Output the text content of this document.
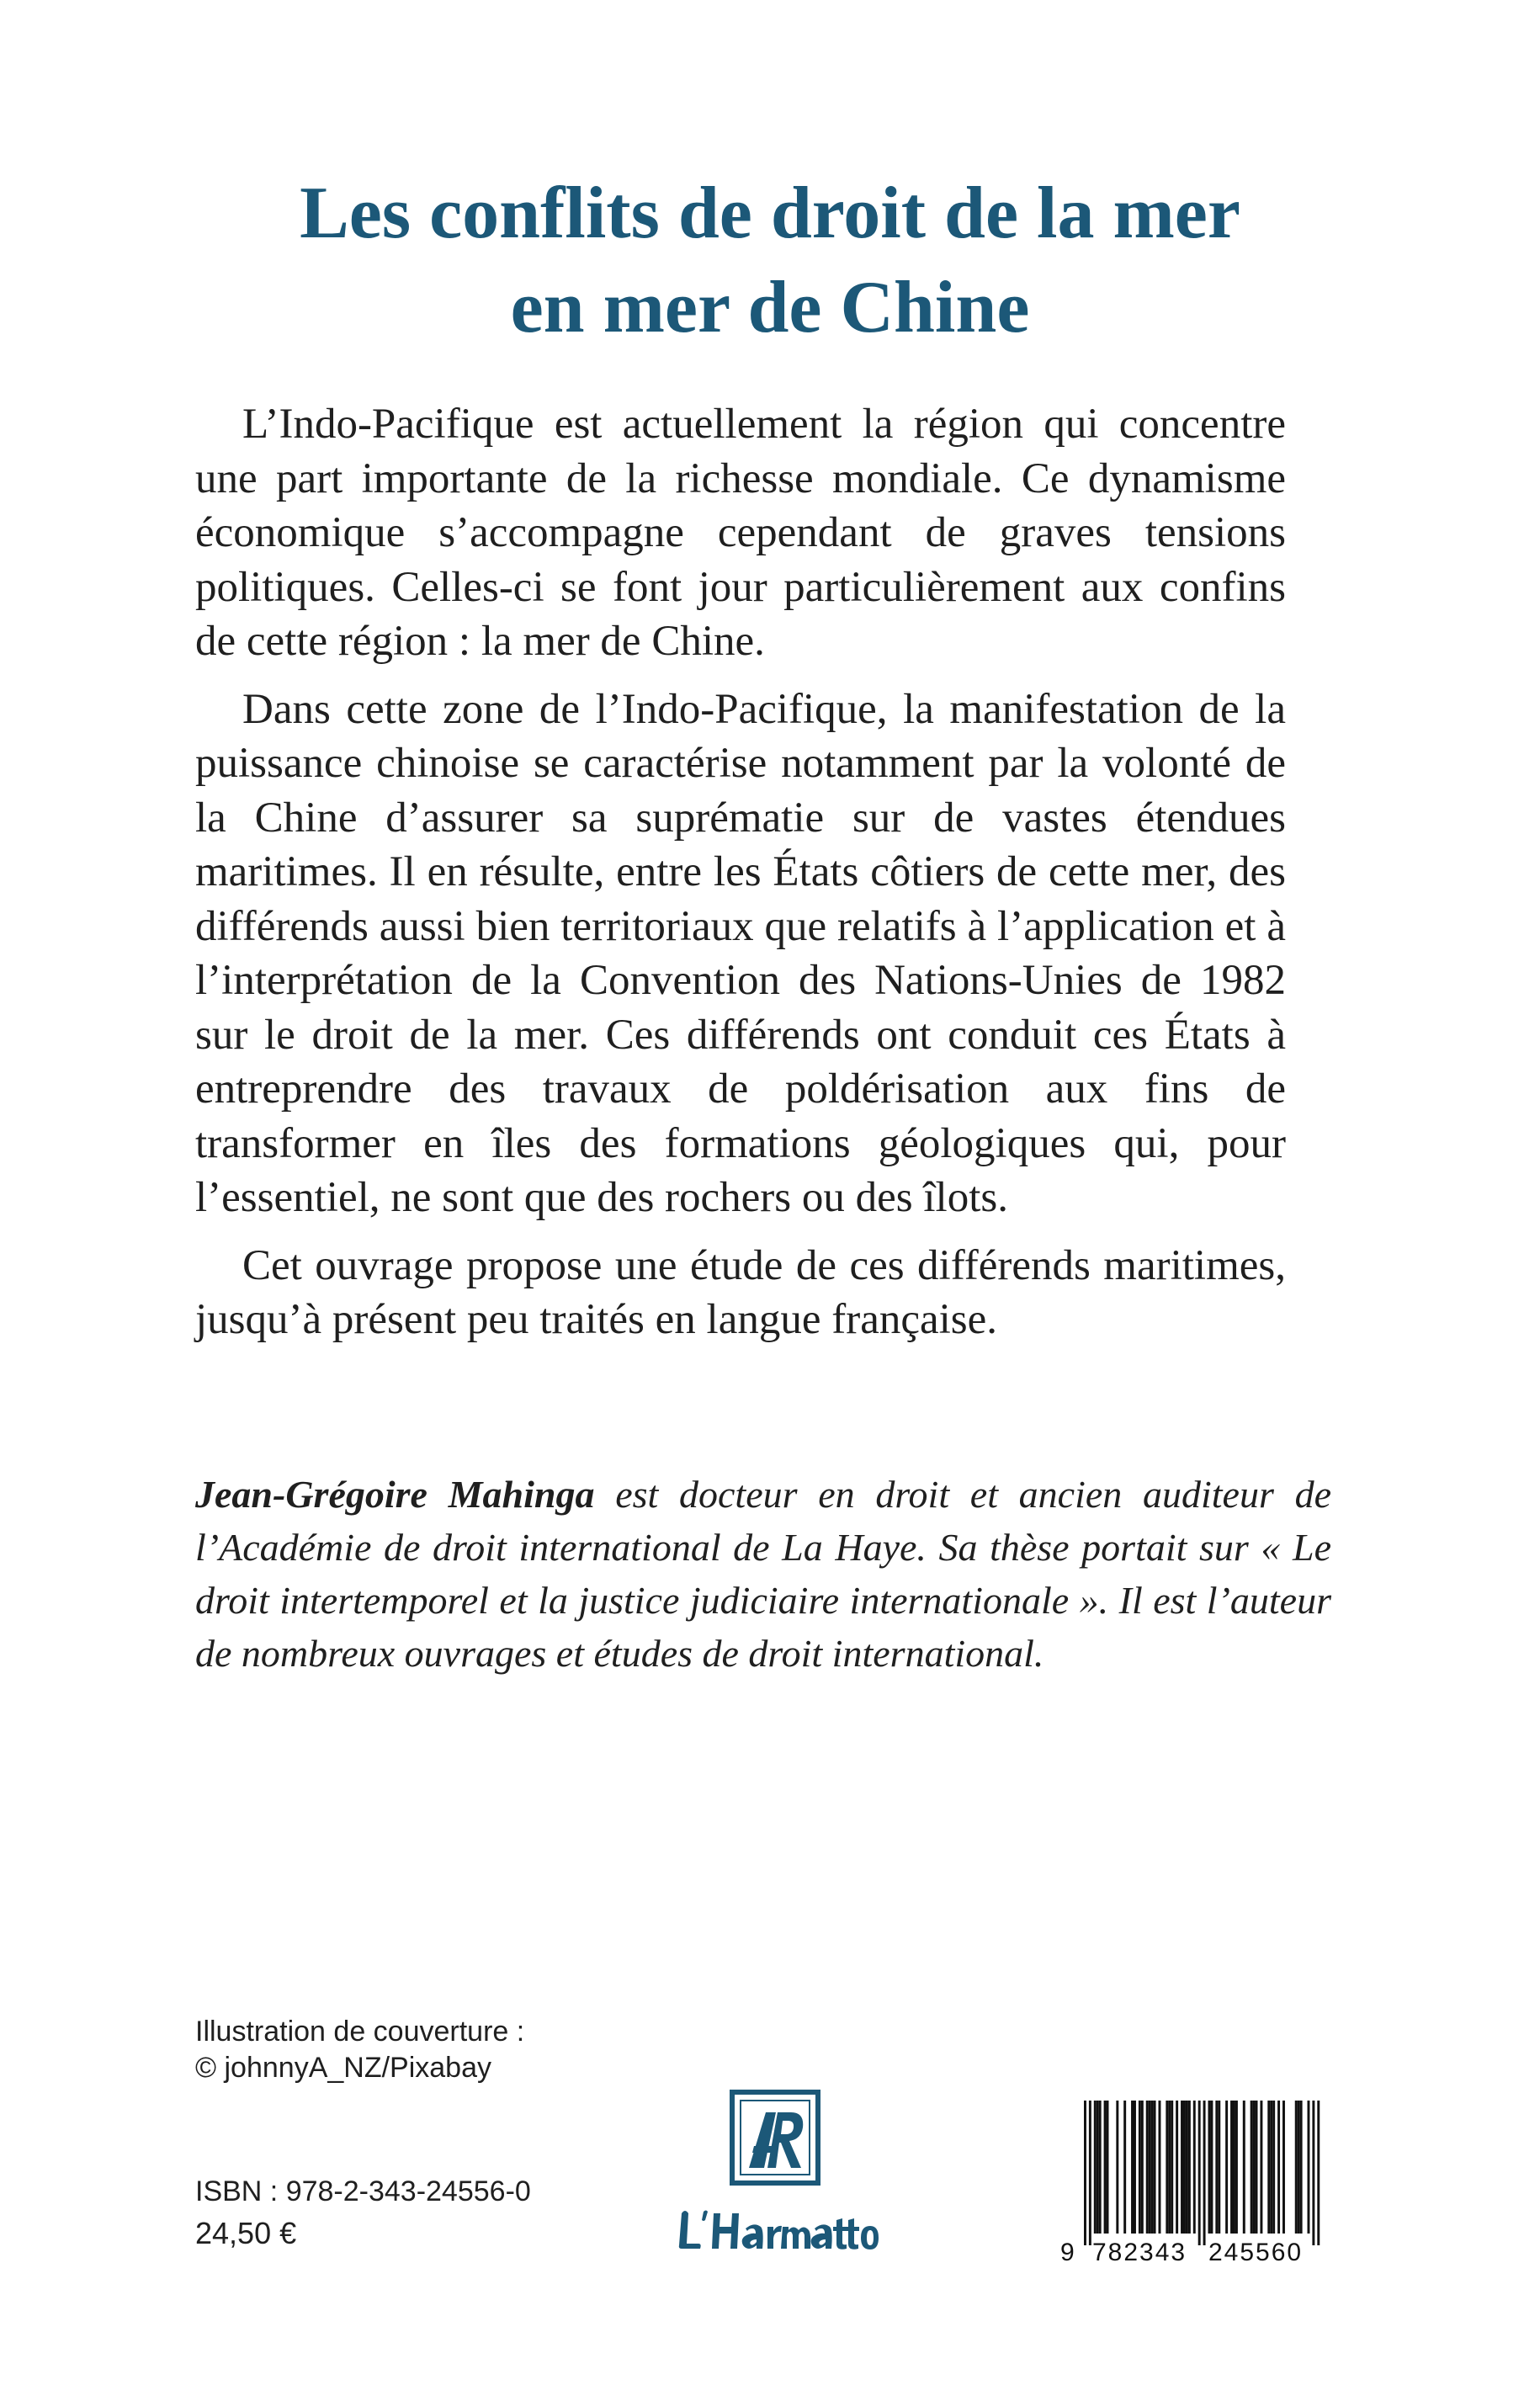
Les conflits de droit de la mer
en mer de Chine

L’Indo-Pacifique est actuellement la région qui concentre une part importante de la richesse mondiale. Ce dynamisme économique s’accompagne cependant de graves tensions politiques. Celles-ci se font jour particulièrement aux confins de cette région : la mer de Chine.

Dans cette zone de l’Indo-Pacifique, la manifestation de la puissance chinoise se caractérise notamment par la volonté de la Chine d’assurer sa suprématie sur de vastes étendues maritimes. Il en résulte, entre les États côtiers de cette mer, des différends aussi bien territoriaux que relatifs à l’application et à l’interprétation de la Convention des Nations-Unies de 1982 sur le droit de la mer. Ces différends ont conduit ces États à entreprendre des travaux de poldérisation aux fins de transformer en îles des formations géologiques qui, pour l’essentiel, ne sont que des rochers ou des îlots.

Cet ouvrage propose une étude de ces différends maritimes, jusqu’à présent peu traités en langue française.

Jean-Grégoire Mahinga est docteur en droit et ancien auditeur de l’Académie de droit international de La Haye. Sa thèse portait sur « Le droit intertemporel et la justice judiciaire internationale ». Il est l’auteur de nombreux ouvrages et études de droit international.

Illustration de couverture :
© johnnyA_NZ/Pixabay
ISBN : 978-2-343-24556-0
24,50 €
9 782343 245560
